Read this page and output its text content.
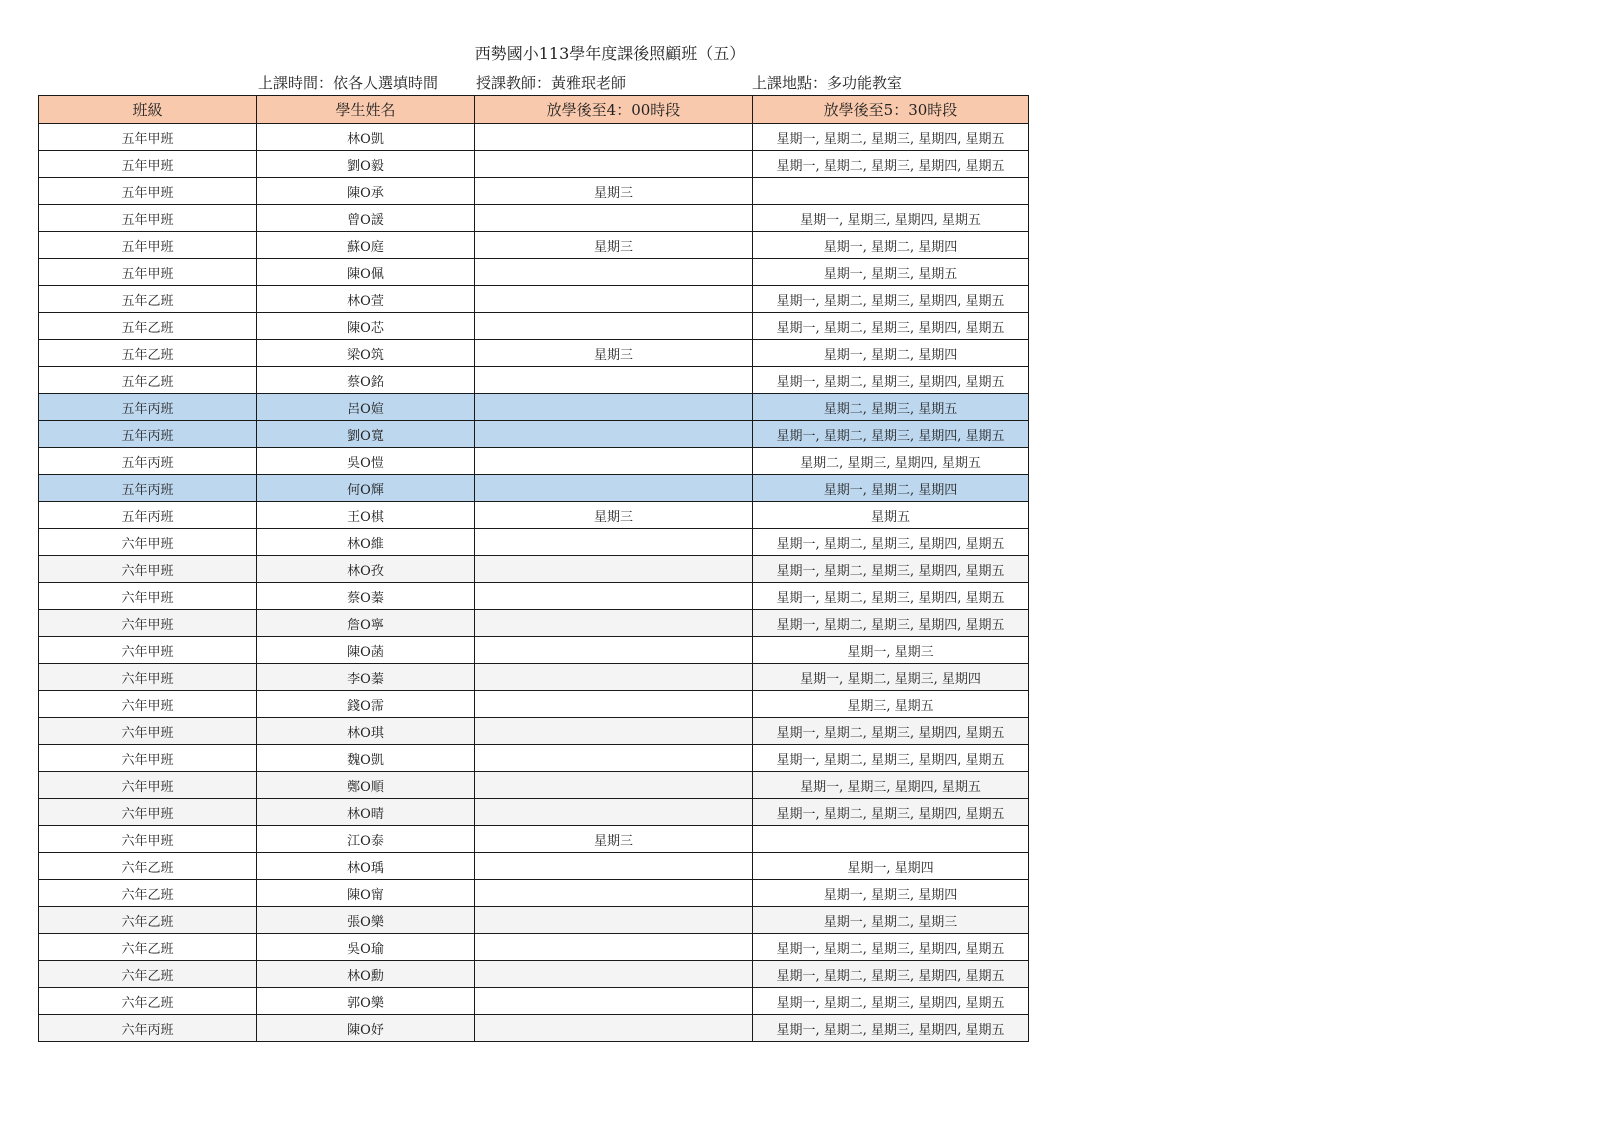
西勢國小113學年度課後照顧班（五）
上課時間：依各人選填時間	授課教師：黃雅珉老師	上課地點：多功能教室
班級	學生姓名	放學後至4：00時段	放學後至5：30時段
五年甲班	林O凱		星期一, 星期二, 星期三, 星期四, 星期五
五年甲班	劉O毅		星期一, 星期二, 星期三, 星期四, 星期五
五年甲班	陳O承	星期三	
五年甲班	曾O諼		星期一, 星期三, 星期四, 星期五
五年甲班	蘇O庭	星期三	星期一, 星期二, 星期四
五年甲班	陳O佩		星期一, 星期三, 星期五
五年乙班	林O萱		星期一, 星期二, 星期三, 星期四, 星期五
五年乙班	陳O芯		星期一, 星期二, 星期三, 星期四, 星期五
五年乙班	梁O筑	星期三	星期一, 星期二, 星期四
五年乙班	蔡O銘		星期一, 星期二, 星期三, 星期四, 星期五
五年丙班	呂O媗		星期二, 星期三, 星期五
五年丙班	劉O寬		星期一, 星期二, 星期三, 星期四, 星期五
五年丙班	吳O愷		星期二, 星期三, 星期四, 星期五
五年丙班	何O輝		星期一, 星期二, 星期四
五年丙班	王O棋	星期三	星期五
六年甲班	林O維		星期一, 星期二, 星期三, 星期四, 星期五
六年甲班	林O孜		星期一, 星期二, 星期三, 星期四, 星期五
六年甲班	蔡O蓁		星期一, 星期二, 星期三, 星期四, 星期五
六年甲班	詹O寧		星期一, 星期二, 星期三, 星期四, 星期五
六年甲班	陳O菡		星期一, 星期三
六年甲班	李O蓁		星期一, 星期二, 星期三, 星期四
六年甲班	錢O霈		星期三, 星期五
六年甲班	林O琪		星期一, 星期二, 星期三, 星期四, 星期五
六年甲班	魏O凱		星期一, 星期二, 星期三, 星期四, 星期五
六年甲班	鄭O順		星期一, 星期三, 星期四, 星期五
六年甲班	林O晴		星期一, 星期二, 星期三, 星期四, 星期五
六年甲班	江O泰	星期三	
六年乙班	林O瑀		星期一, 星期四
六年乙班	陳O甯		星期一, 星期三, 星期四
六年乙班	張O樂		星期一, 星期二, 星期三
六年乙班	吳O瑜		星期一, 星期二, 星期三, 星期四, 星期五
六年乙班	林O勳		星期一, 星期二, 星期三, 星期四, 星期五
六年乙班	郭O樂		星期一, 星期二, 星期三, 星期四, 星期五
六年丙班	陳O妤		星期一, 星期二, 星期三, 星期四, 星期五
